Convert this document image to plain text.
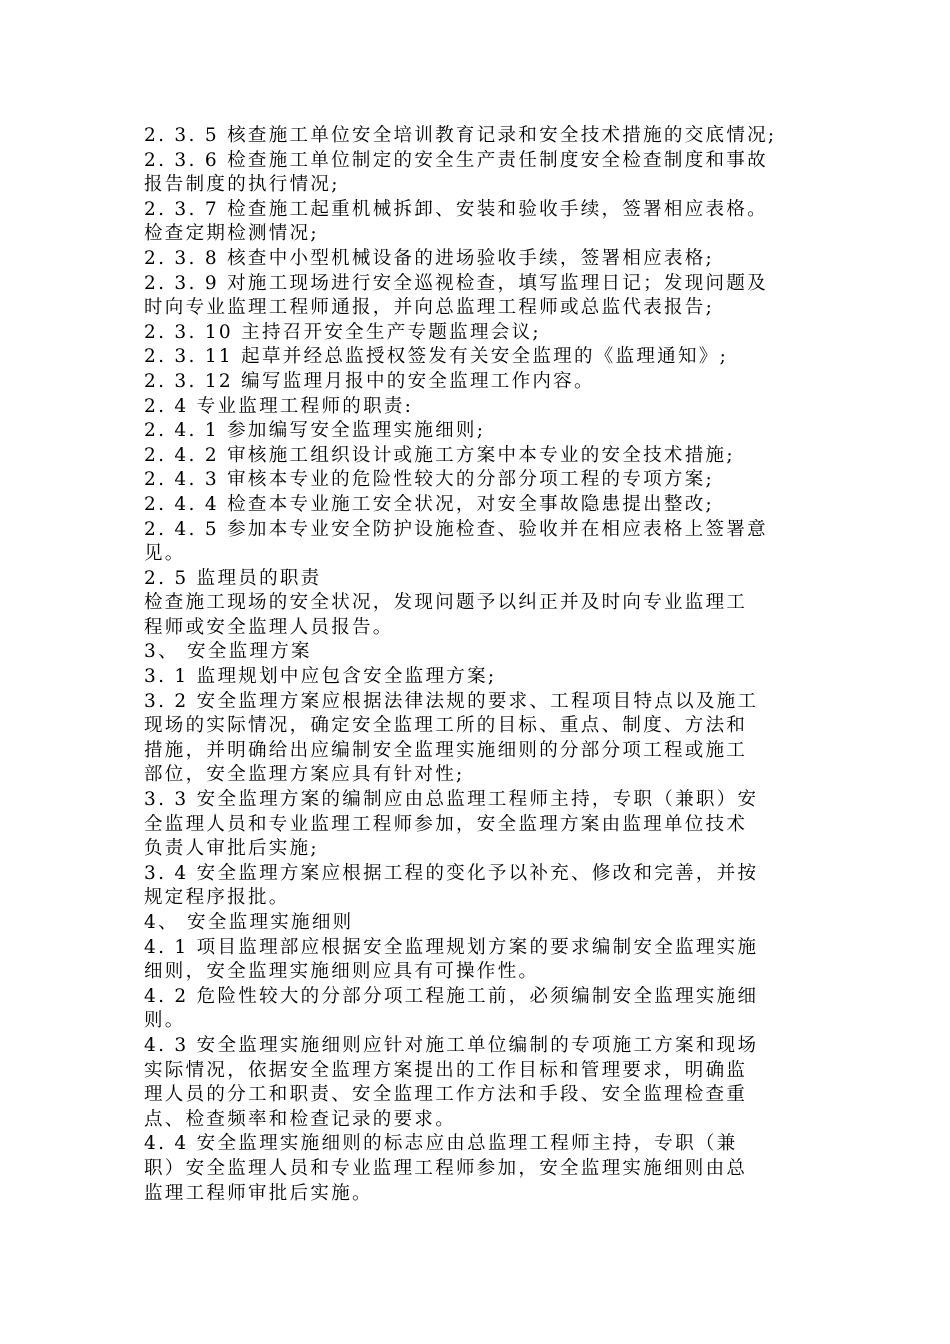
2. 3. 5 核查施工单位安全培训教育记录和安全技术措施的交底情况;
2. 3. 6 检查施工单位制定的安全生产责任制度安全检查制度和事故
报告制度的执行情况;
2. 3. 7 检查施工起重机械拆卸、安装和验收手续，签署相应表格。
检查定期检测情况;
2. 3. 8 核查中小型机械设备的进场验收手续，签署相应表格;
2. 3. 9 对施工现场进行安全巡视检查，填写监理日记；发现问题及
时向专业监理工程师通报，并向总监理工程师或总监代表报告;
2. 3. 10 主持召开安全生产专题监理会议;
2. 3. 11 起草并经总监授权签发有关安全监理的《监理通知》;
2. 3. 12 编写监理月报中的安全监理工作内容。
2. 4 专业监理工程师的职责:
2. 4. 1 参加编写安全监理实施细则;
2. 4. 2 审核施工组织设计或施工方案中本专业的安全技术措施;
2. 4. 3 审核本专业的危险性较大的分部分项工程的专项方案;
2. 4. 4 检查本专业施工安全状况，对安全事故隐患提出整改;
2. 4. 5 参加本专业安全防护设施检查、验收并在相应表格上签署意
见。
2. 5 监理员的职责
检查施工现场的安全状况，发现问题予以纠正并及时向专业监理工
程师或安全监理人员报告。
3、 安全监理方案
3. 1 监理规划中应包含安全监理方案;
3. 2 安全监理方案应根据法律法规的要求、工程项目特点以及施工
现场的实际情况，确定安全监理工所的目标、重点、制度、方法和
措施，并明确给出应编制安全监理实施细则的分部分项工程或施工
部位，安全监理方案应具有针对性;
3. 3 安全监理方案的编制应由总监理工程师主持，专职（兼职）安
全监理人员和专业监理工程师参加，安全监理方案由监理单位技术
负责人审批后实施;
3. 4 安全监理方案应根据工程的变化予以补充、修改和完善，并按
规定程序报批。
4、 安全监理实施细则
4. 1 项目监理部应根据安全监理规划方案的要求编制安全监理实施
细则，安全监理实施细则应具有可操作性。
4. 2 危险性较大的分部分项工程施工前，必须编制安全监理实施细
则。
4. 3 安全监理实施细则应针对施工单位编制的专项施工方案和现场
实际情况，依据安全监理方案提出的工作目标和管理要求，明确监
理人员的分工和职责、安全监理工作方法和手段、安全监理检查重
点、检查频率和检查记录的要求。
4. 4 安全监理实施细则的标志应由总监理工程师主持，专职（兼
职）安全监理人员和专业监理工程师参加，安全监理实施细则由总
监理工程师审批后实施。
